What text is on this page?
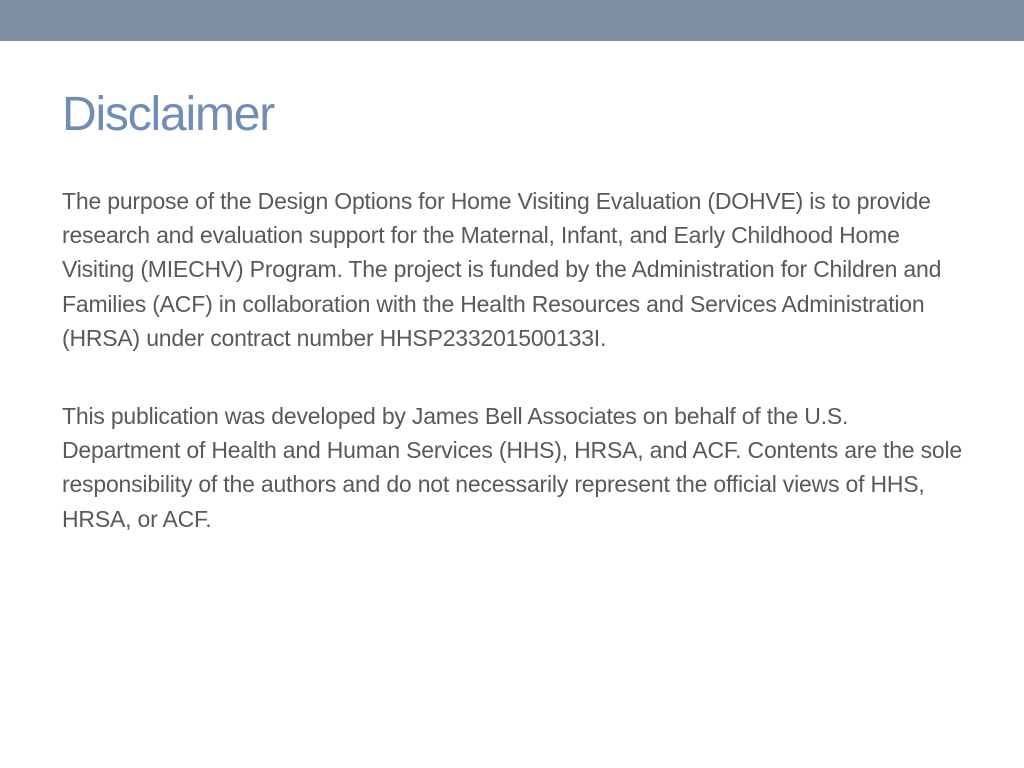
Disclaimer

The purpose of the Design Options for Home Visiting Evaluation (DOHVE) is to provide research and evaluation support for the Maternal, Infant, and Early Childhood Home Visiting (MIECHV) Program. The project is funded by the Administration for Children and Families (ACF) in collaboration with the Health Resources and Services Administration (HRSA) under contract number HHSP233201500133I.

This publication was developed by James Bell Associates on behalf of the U.S. Department of Health and Human Services (HHS), HRSA, and ACF. Contents are the sole responsibility of the authors and do not necessarily represent the official views of HHS, HRSA, or ACF.
